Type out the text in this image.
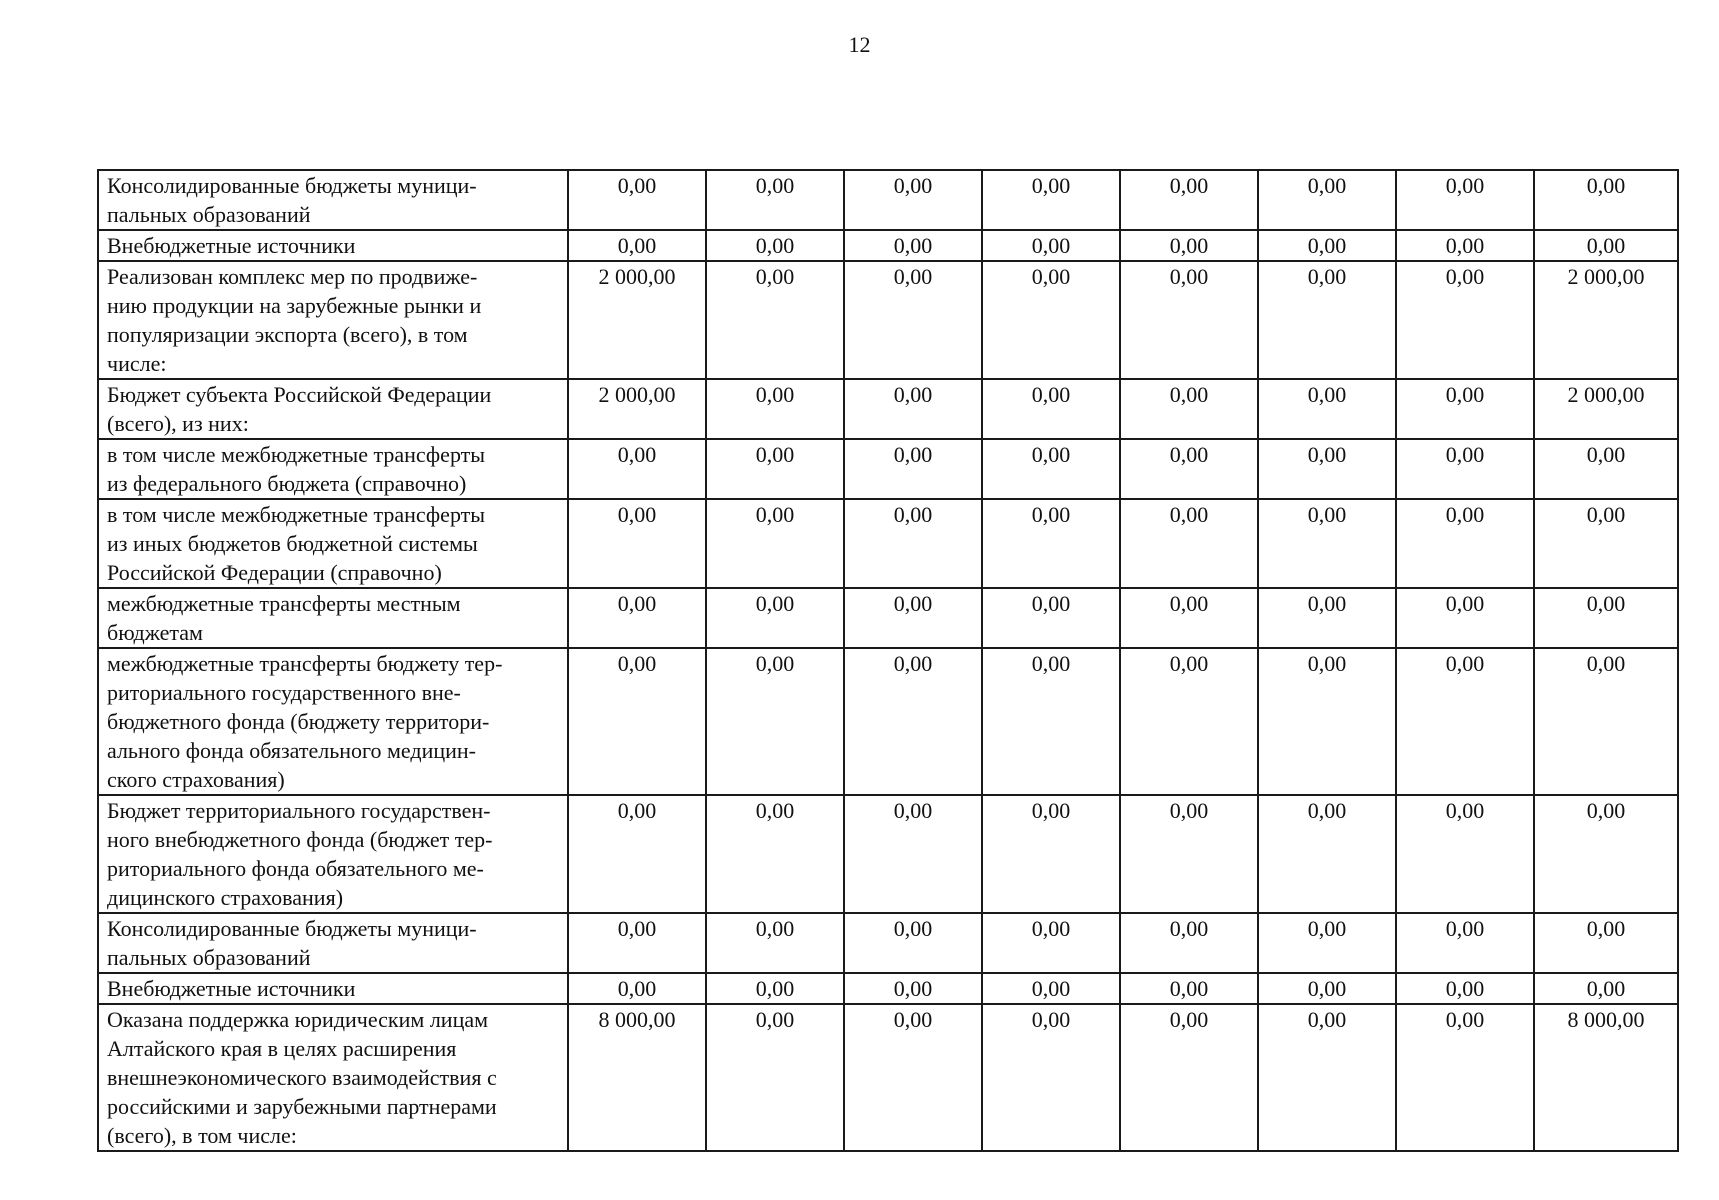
12
Консолидированные бюджеты муници-
пальных образований	0,00	0,00	0,00	0,00	0,00	0,00	0,00	0,00
Внебюджетные источники	0,00	0,00	0,00	0,00	0,00	0,00	0,00	0,00
Реализован комплекс мер по продвиже-
нию продукции на зарубежные рынки и
популяризации экспорта (всего), в том
числе:	2 000,00	0,00	0,00	0,00	0,00	0,00	0,00	2 000,00
Бюджет субъекта Российской Федерации
(всего), из них:	2 000,00	0,00	0,00	0,00	0,00	0,00	0,00	2 000,00
в том числе межбюджетные трансферты
из федерального бюджета (справочно)	0,00	0,00	0,00	0,00	0,00	0,00	0,00	0,00
в том числе межбюджетные трансферты
из иных бюджетов бюджетной системы
Российской Федерации (справочно)	0,00	0,00	0,00	0,00	0,00	0,00	0,00	0,00
межбюджетные трансферты местным
бюджетам	0,00	0,00	0,00	0,00	0,00	0,00	0,00	0,00
межбюджетные трансферты бюджету тер-
риториального государственного вне-
бюджетного фонда (бюджету территори-
ального фонда обязательного медицин-
ского страхования)	0,00	0,00	0,00	0,00	0,00	0,00	0,00	0,00
Бюджет территориального государствен-
ного внебюджетного фонда (бюджет тер-
риториального фонда обязательного ме-
дицинского страхования)	0,00	0,00	0,00	0,00	0,00	0,00	0,00	0,00
Консолидированные бюджеты муници-
пальных образований	0,00	0,00	0,00	0,00	0,00	0,00	0,00	0,00
Внебюджетные источники	0,00	0,00	0,00	0,00	0,00	0,00	0,00	0,00
Оказана поддержка юридическим лицам
Алтайского края в целях расширения
внешнеэкономического взаимодействия с
российскими и зарубежными партнерами
(всего), в том числе:	8 000,00	0,00	0,00	0,00	0,00	0,00	0,00	8 000,00
